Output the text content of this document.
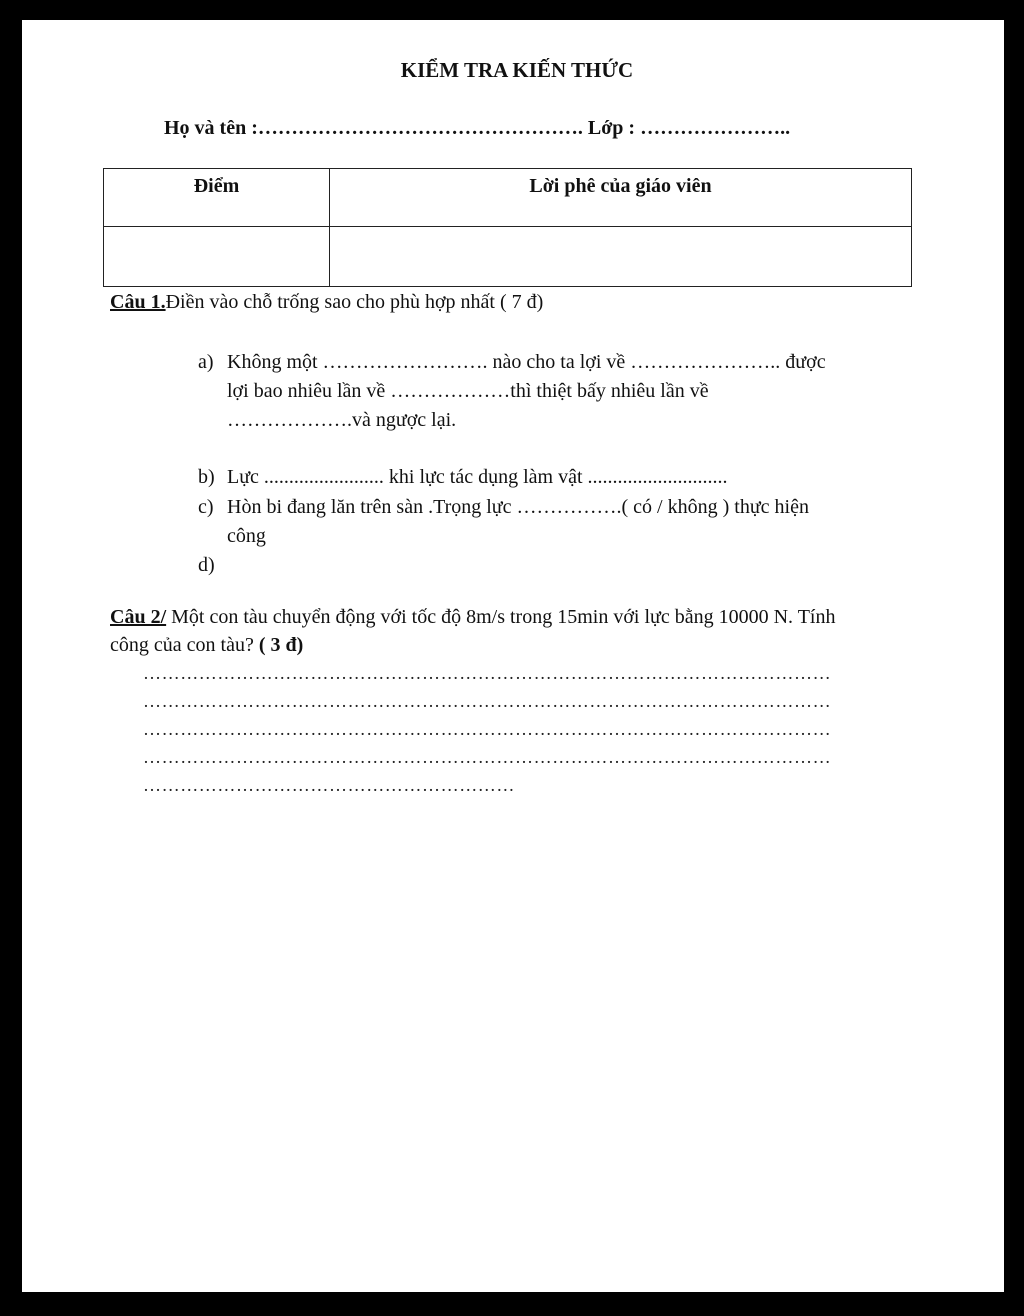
KIỂM TRA KIẾN THỨC
Họ và tên :…………………………………………. Lớp : …………………..
Điểm	Lời phê của giáo viên

Câu 1.Điền vào chỗ trống sao cho phù hợp nhất ( 7 đ)
a) Không một ……………………. nào cho ta lợi về ………………….. được
lợi bao nhiêu lần về ………………thì thiệt bấy nhiêu lần về
……………….và ngược lại.
b) Lực ........................ khi lực tác dụng làm vật ............................
c) Hòn bi đang lăn trên sàn .Trọng lực …………….( có / không ) thực hiện
công
d)
Câu 2/ Một con tàu chuyển động với tốc độ 8m/s trong 15min với lực bằng 10000 N. Tính
công của con tàu? ( 3 đ)
…………………………………………………………………………………………………
…………………………………………………………………………………………………
…………………………………………………………………………………………………
…………………………………………………………………………………………………
……………………………………………………
